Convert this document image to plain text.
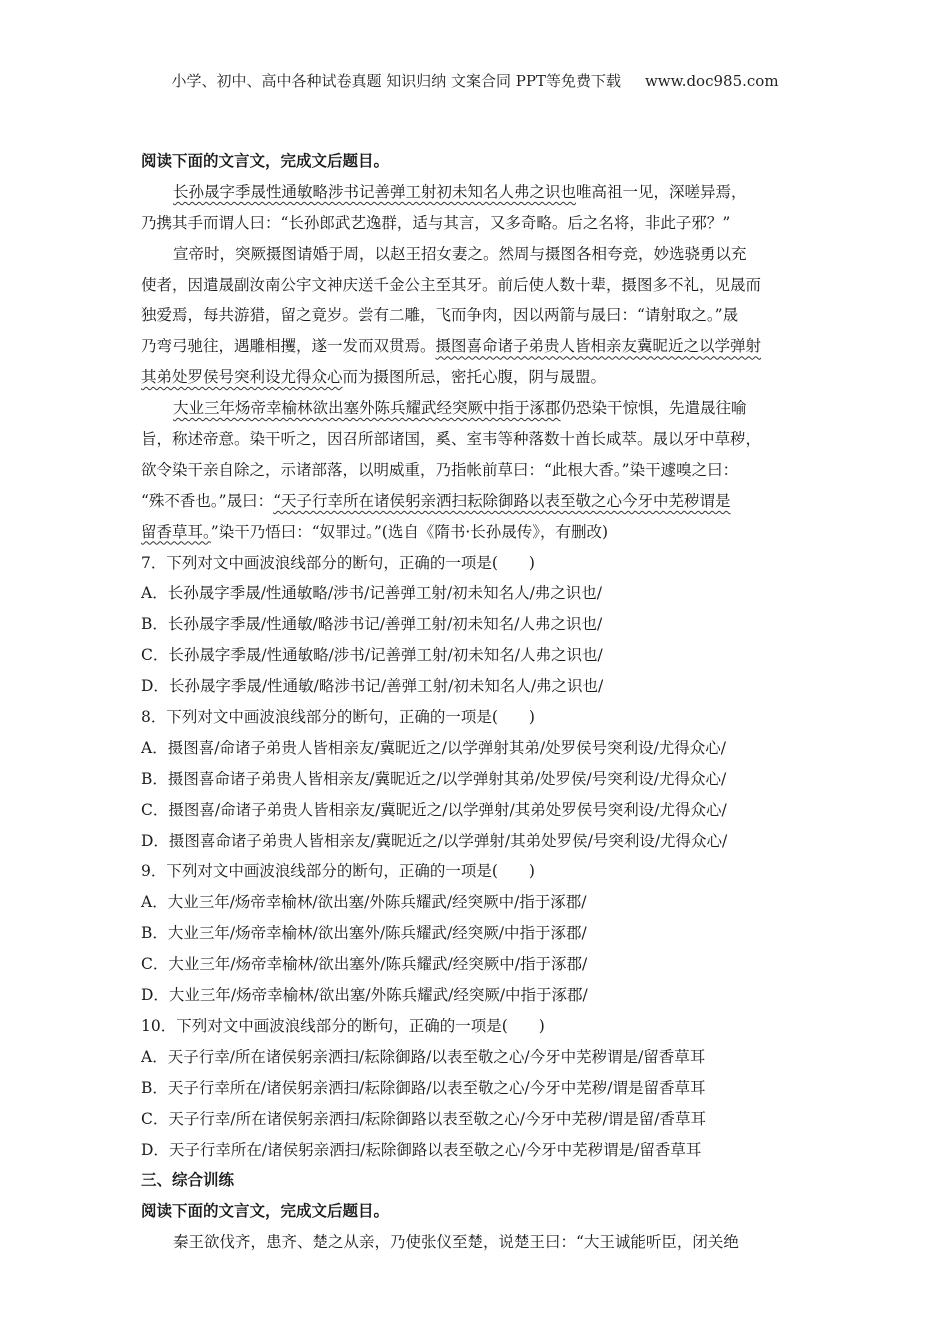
小学、初中、高中各种试卷真题 知识归纳 文案合同 PPT等免费下载 www.doc985.com
阅读下面的文言文，完成文后题目。
长孙晟字季晟性通敏略涉书记善弹工射初未知名人弗之识也唯高祖一见，深嗟异焉，
乃携其手而谓人曰：“长孙郎武艺逸群，适与其言，又多奇略。后之名将，非此子邪？”
宣帝时，突厥摄图请婚于周，以赵王招女妻之。然周与摄图各相夸竞，妙选骁勇以充
使者，因遣晟副汝南公宇文神庆送千金公主至其牙。前后使人数十辈，摄图多不礼，见晟而
独爱焉，每共游猎，留之竟岁。尝有二雕，飞而争肉，因以两箭与晟曰：“请射取之。”晟
乃弯弓驰往，遇雕相攫，遂一发而双贯焉。摄图喜命诸子弟贵人皆相亲友冀昵近之以学弹射
其弟处罗侯号突利设尤得众心而为摄图所忌，密托心腹，阴与晟盟。
大业三年炀帝幸榆林欲出塞外陈兵耀武经突厥中指于涿郡仍恐染干惊惧，先遣晟往喻
旨，称述帝意。染干听之，因召所部诸国，奚、室韦等种落数十酋长咸萃。晟以牙中草秽，
欲令染干亲自除之，示诸部落，以明威重，乃指帐前草曰：“此根大香。”染干遽嗅之曰：
“殊不香也。”晟曰：“天子行幸所在诸侯躬亲洒扫耘除御路以表至敬之心今牙中芜秽谓是
留香草耳。”染干乃悟曰：“奴罪过。”(选自《隋书·长孙晟传》，有删改)
7．下列对文中画波浪线部分的断句，正确的一项是(　　)
A．长孙晟字季晟/性通敏略/涉书/记善弹工射/初未知名人/弗之识也/
B．长孙晟字季晟/性通敏/略涉书记/善弹工射/初未知名/人弗之识也/
C．长孙晟字季晟/性通敏略/涉书/记善弹工射/初未知名/人弗之识也/
D．长孙晟字季晟/性通敏/略涉书记/善弹工射/初未知名人/弗之识也/
8．下列对文中画波浪线部分的断句，正确的一项是(　　)
A．摄图喜/命诸子弟贵人皆相亲友/冀昵近之/以学弹射其弟/处罗侯号突利设/尤得众心/
B．摄图喜命诸子弟贵人皆相亲友/冀昵近之/以学弹射其弟/处罗侯/号突利设/尤得众心/
C．摄图喜/命诸子弟贵人皆相亲友/冀昵近之/以学弹射/其弟处罗侯号突利设/尤得众心/
D．摄图喜命诸子弟贵人皆相亲友/冀昵近之/以学弹射/其弟处罗侯/号突利设/尤得众心/
9．下列对文中画波浪线部分的断句，正确的一项是(　　)
A．大业三年/炀帝幸榆林/欲出塞/外陈兵耀武/经突厥中/指于涿郡/
B．大业三年/炀帝幸榆林/欲出塞外/陈兵耀武/经突厥/中指于涿郡/
C．大业三年/炀帝幸榆林/欲出塞外/陈兵耀武/经突厥中/指于涿郡/
D．大业三年/炀帝幸榆林/欲出塞/外陈兵耀武/经突厥/中指于涿郡/
10．下列对文中画波浪线部分的断句，正确的一项是(　　)
A．天子行幸/所在诸侯躬亲洒扫/耘除御路/以表至敬之心/今牙中芜秽谓是/留香草耳
B．天子行幸所在/诸侯躬亲洒扫/耘除御路/以表至敬之心/今牙中芜秽/谓是留香草耳
C．天子行幸/所在诸侯躬亲洒扫/耘除御路以表至敬之心/今牙中芜秽/谓是留/香草耳
D．天子行幸所在/诸侯躬亲洒扫/耘除御路以表至敬之心/今牙中芜秽谓是/留香草耳
三、综合训练
阅读下面的文言文，完成文后题目。
秦王欲伐齐，患齐、楚之从亲，乃使张仪至楚，说楚王曰：“大王诚能听臣，闭关绝
